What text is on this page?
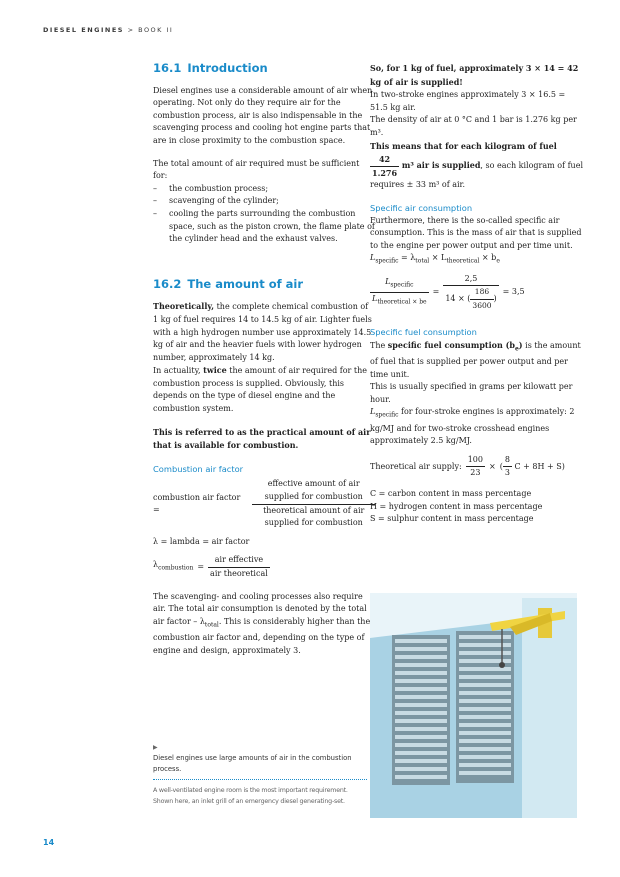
DIESEL ENGINES > BOOK II
16.1 Introduction

Diesel engines use a considerable amount of air when operating. Not only do they require air for the combustion process, air is also indispensable in the scavenging process and cooling hot engine parts that are in close proximity to the combustion space.

The total amount of air required must be sufficient for:

– the combustion process;
– scavenging of the cylinder;
– cooling the parts surrounding the combustion space, such as the piston crown, the flame plate of the cylinder head and the exhaust valves.
16.2 The amount of air

Theoretically, the complete chemical combustion of 1 kg of fuel requires 14 to 14.5 kg of air. Lighter fuels with a high hydrogen number use approximately 14.5 kg of air and the heavier fuels with lower hydrogen number, approximately 14 kg.

In actuality, twice the amount of air required for the combustion process is supplied. Obviously, this depends on the type of diesel engine and the combustion system.

This is referred to as the practical amount of air that is available for combustion.

Combustion air factor
combustion air factor =	$\frac{\text{effective amount of air supplied for combustion}}{\text{theoretical amount of air supplied for combustion}}$

λ = lambda = air factor

$\lambda_{combustion} = \frac{\text{air effective}}{\text{air theoretical}}$

The scavenging- and cooling processes also require air. The total air consumption is denoted by the total air factor – $\lambda_{total}$. This is considerably higher than the combustion air factor and, depending on the type of engine and design, approximately 3.

So, for 1 kg of fuel, approximately 3 × 14 = 42 kg of air is supplied!

In two-stroke engines approximately 3 × 16.5 = 51.5 kg air.

The density of air at 0 °C and 1 bar is 1.276 kg per m³.

This means that for each kilogram of fuel

$\frac{42}{1.276} m^3$ air is supplied, so each kilogram of fuel requires ± 33 m³ of air.

Specific air consumption

Furthermore, there is the so-called specific air consumption. This is the mass of air that is supplied to the engine per power output and per time unit.

$L_{specific} = \lambda_{total} \times L_{theoretical} \times b_e$

$\frac{L_{specific}}{L_{theoretical \times be}} = \frac{2,5}{14 \times ( \frac{186}{3600} )} = 3,5$
Specific fuel consumption

The specific fuel consumption $(b_e)$ is the amount of fuel that is supplied per power output and per time unit.

This is usually specified in grams per kilowatt per hour.

$L_{specific}$ for four-stroke engines is approximately: 2 kg/MJ and for two-stroke crosshead engines approximately 2.5 kg/MJ.

Theoretical air supply: $\frac{100}{23}$ × ( $\frac{8}{3}$ C + 8H + S)

C = carbon content in mass percentage

H = hydrogen content in mass percentage

S = sulphur content in mass percentage

▶
Diesel engines use large amounts of air in the combustion process.
A well-ventilated engine room is the most important requirement. Shown here, an inlet grill of an emergency diesel generating-set.
14
